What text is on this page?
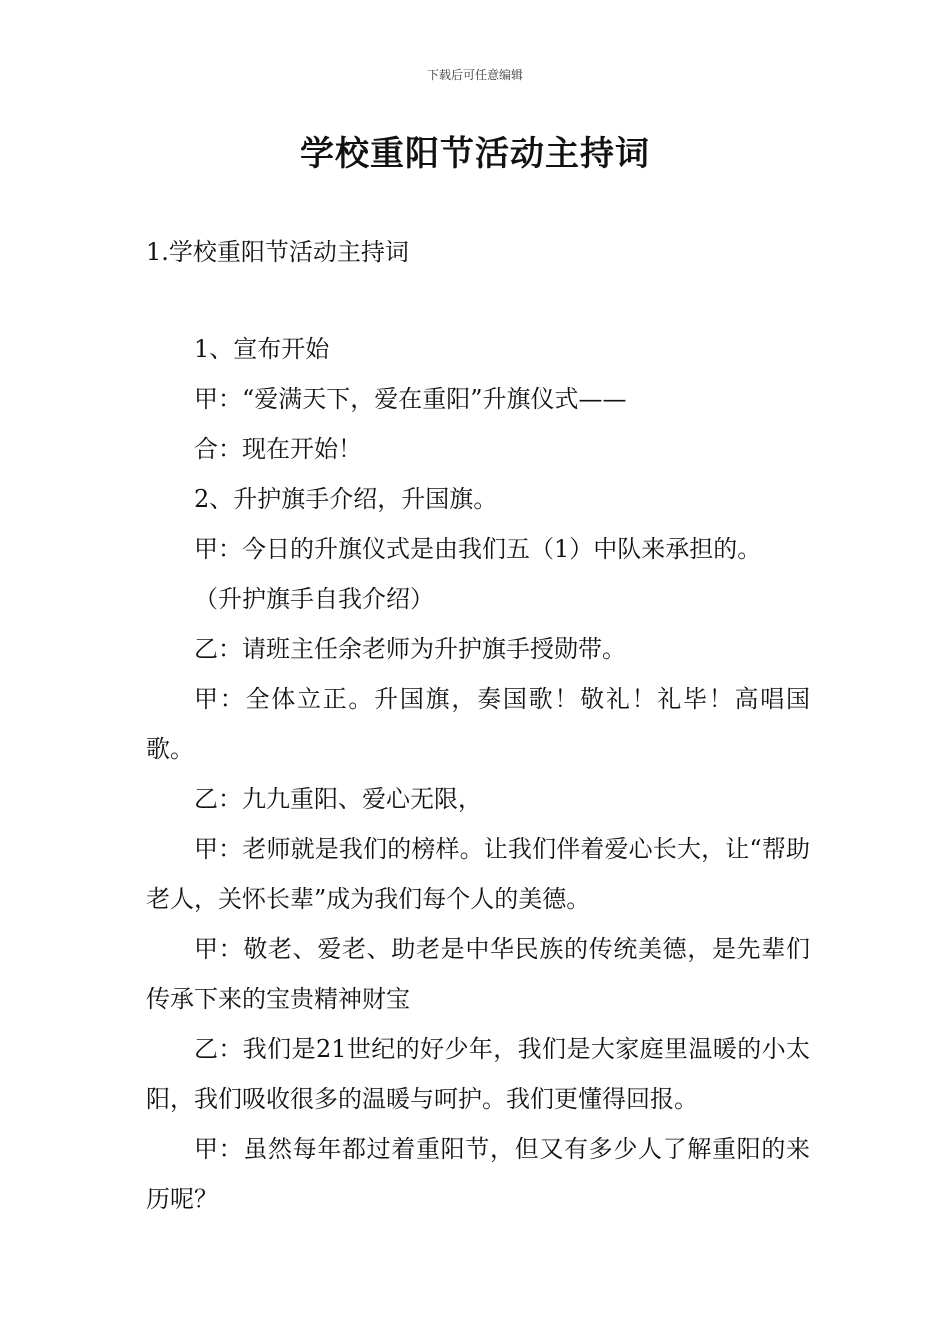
下载后可任意编辑
学校重阳节活动主持词
1.学校重阳节活动主持词

1、宣布开始

甲：“爱满天下，爱在重阳”升旗仪式——

合：现在开始！

2、升护旗手介绍，升国旗。

甲：今日的升旗仪式是由我们五（1）中队来承担的。

（升护旗手自我介绍）

乙：请班主任余老师为升护旗手授勋带。

甲：全体立正。升国旗，奏国歌！敬礼！礼毕！高唱国歌。

乙：九九重阳、爱心无限，

甲：老师就是我们的榜样。让我们伴着爱心长大，让“帮助老人，关怀长辈”成为我们每个人的美德。

甲：敬老、爱老、助老是中华民族的传统美德，是先辈们传承下来的宝贵精神财宝

乙：我们是21世纪的好少年，我们是大家庭里温暖的小太阳，我们吸收很多的温暖与呵护。我们更懂得回报。

甲：虽然每年都过着重阳节，但又有多少人了解重阳的来历呢？
